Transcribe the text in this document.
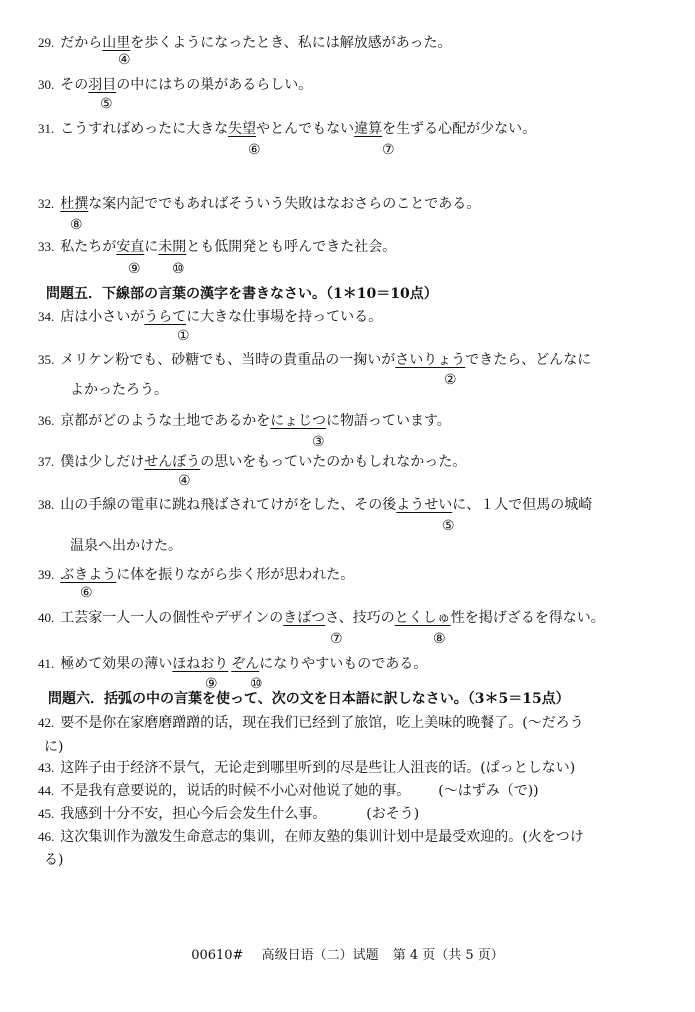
29. だから山里を歩くようになったとき、私には解放感があった。
④
30. その羽目の中にはちの巣があるらしい。
⑤
31. こうすればめったに大きな失望やとんでもない違算を生ずる心配が少ない。
⑥	⑦
32. 杜撰な案内記ででもあればそういう失敗はなおさらのことである。
⑧
33. 私たちが安直に未開とも低開発とも呼んできた社会。
⑨ ⑩
問題五．下線部の言葉の漢字を書きなさい。（1＊10＝10点）
34. 店は小さいがうらてに大きな仕事場を持っている。
①
35. メリケン粉でも、砂糖でも、当時の貴重品の一掬いがさいりょうできたら、どんなに
②
よかったろう。
36. 京都がどのような土地であるかをにょじつに物語っています。
③
37. 僕は少しだけせんぼうの思いをもっていたのかもしれなかった。
④
38. 山の手線の電車に跳ね飛ばされてけがをした、その後ようせいに、１人で但馬の城崎
⑤
温泉へ出かけた。
39. ぶきように体を振りながら歩く形が思われた。
⑥
40. 工芸家一人一人の個性やデザインのきばつさ、技巧のとくしゅ性を掲げざるを得ない。
⑦	⑧
41. 極めて効果の薄いほねおり ぞんになりやすいものである。
⑨ ⑩
問題六．括弧の中の言葉を使って、次の文を日本語に訳しなさい。（3＊5＝15点）
42. 要不是你在家磨磨蹭蹭的话，现在我们已经到了旅馆，吃上美味的晚餐了。(～だろう
に)
43. 这阵子由于经济不景气，无论走到哪里听到的尽是些让人沮丧的话。(ぱっとしない)
44. 不是我有意要说的，说话的时候不小心对他说了她的事。 (～はずみ（で))
45. 我感到十分不安，担心今后会发生什么事。	(おそう)
46. 这次集训作为激发生命意志的集训，在师友塾的集训计划中是最受欢迎的。(火をつけ
る)
00610# 高级日语（二）试题 第 4 页（共 5 页）
